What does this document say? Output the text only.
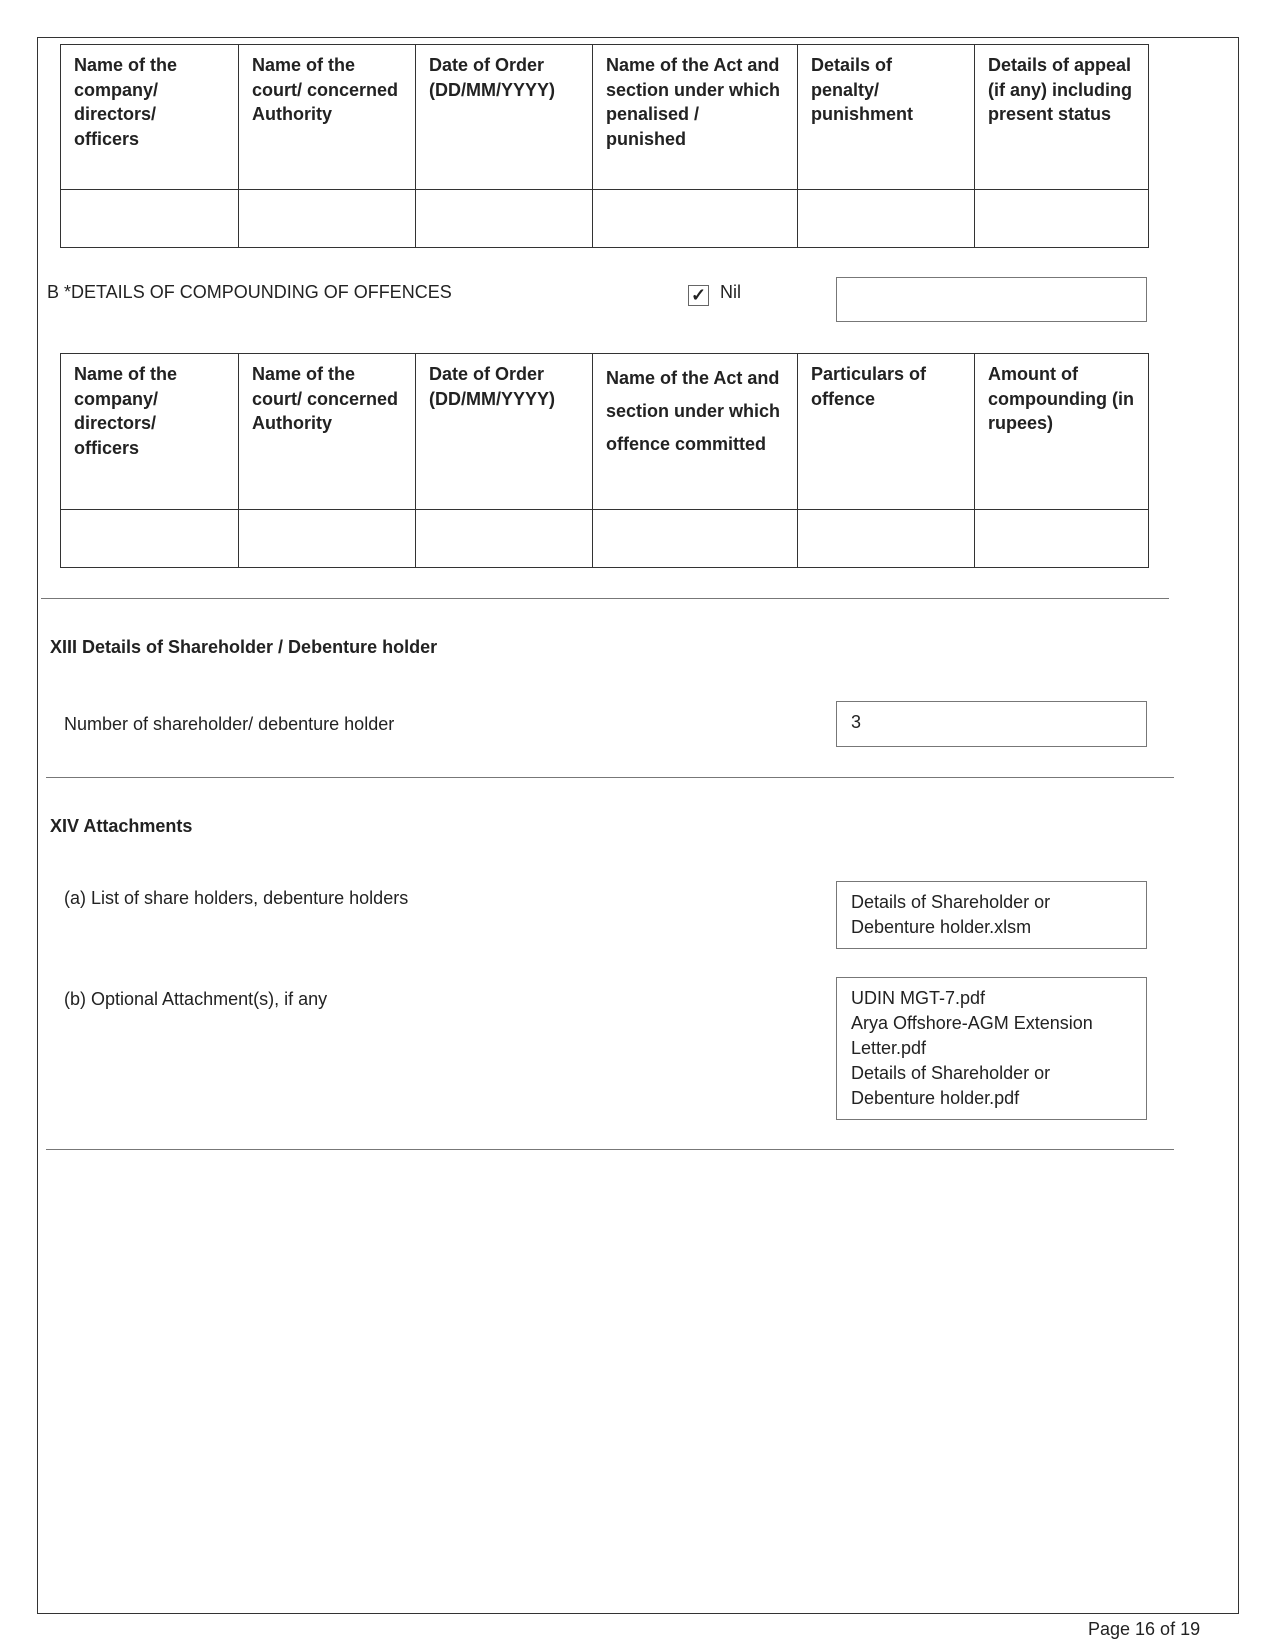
Name of the company/ directors/ officers	Name of the court/ concerned Authority	Date of Order (DD/MM/YYYY)	Name of the Act and section under which penalised / punished	Details of penalty/ punishment	Details of appeal (if any) including present status

B *DETAILS OF COMPOUNDING OF OFFENCES	✓ Nil
Name of the company/ directors/ officers	Name of the court/ concerned Authority	Date of Order (DD/MM/YYYY)	Name of the Act and section under which offence committed	Particulars of offence	Amount of compounding (in rupees)

XIII Details of Shareholder / Debenture holder
Number of shareholder/ debenture holder	3
XIV Attachments
(a) List of share holders, debenture holders	Details of Shareholder or
Debenture holder.xlsm
(b) Optional Attachment(s), if any	UDIN MGT-7.pdf
Arya Offshore-AGM Extension
Letter.pdf
Details of Shareholder or
Debenture holder.pdf
Page 16 of 19
